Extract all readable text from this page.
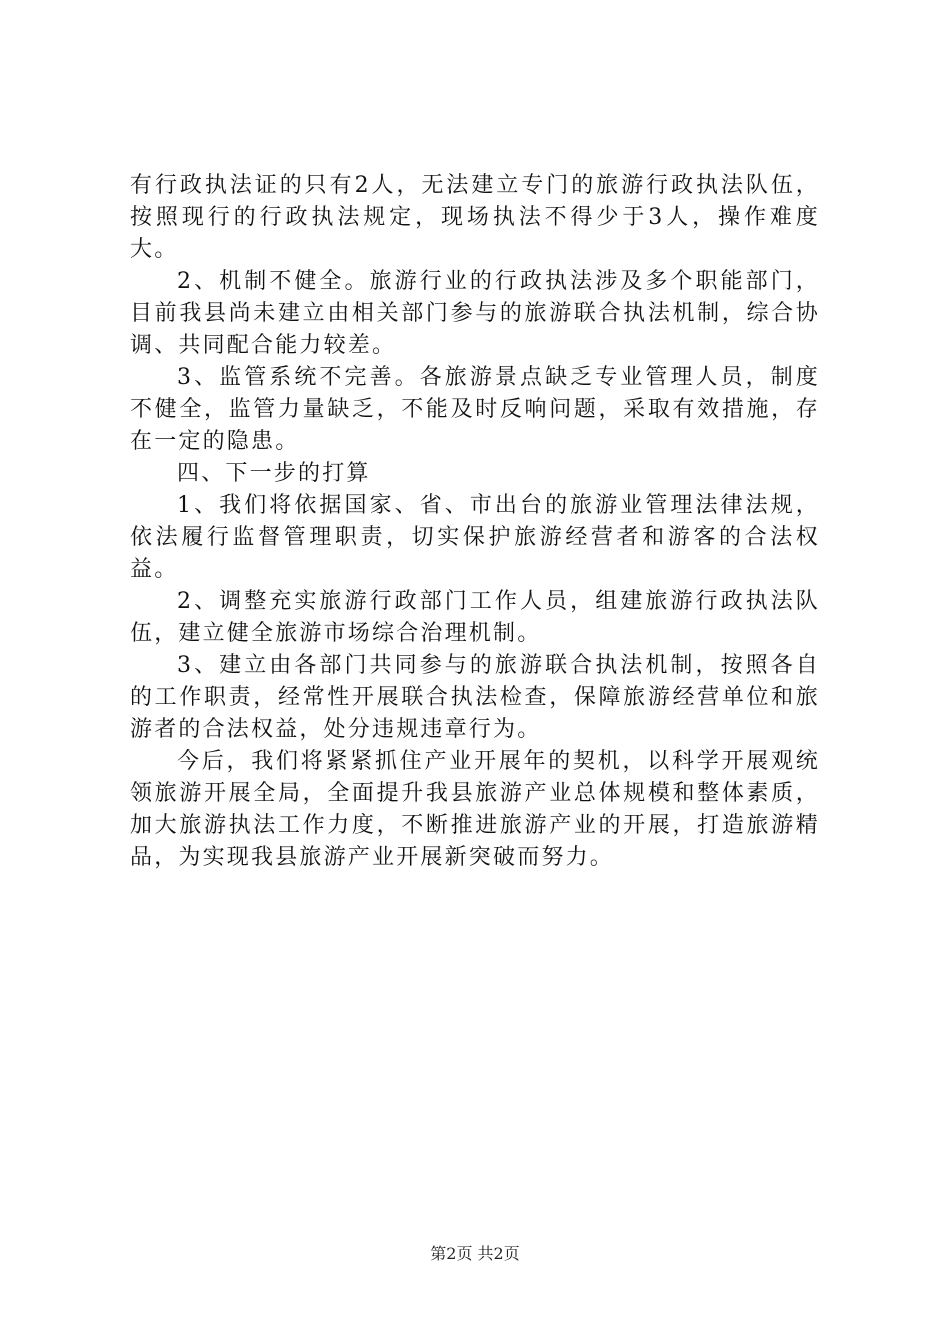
有行政执法证的只有2人，无法建立专门的旅游行政执法队伍，按照现行的行政执法规定，现场执法不得少于3人，操作难度大。

2、机制不健全。旅游行业的行政执法涉及多个职能部门，目前我县尚未建立由相关部门参与的旅游联合执法机制，综合协调、共同配合能力较差。

3、监管系统不完善。各旅游景点缺乏专业管理人员，制度不健全，监管力量缺乏，不能及时反响问题，采取有效措施，存在一定的隐患。

四、下一步的打算

1、我们将依据国家、省、市出台的旅游业管理法律法规，依法履行监督管理职责，切实保护旅游经营者和游客的合法权益。

2、调整充实旅游行政部门工作人员，组建旅游行政执法队伍，建立健全旅游市场综合治理机制。

3、建立由各部门共同参与的旅游联合执法机制，按照各自的工作职责，经常性开展联合执法检查，保障旅游经营单位和旅游者的合法权益，处分违规违章行为。

今后，我们将紧紧抓住产业开展年的契机，以科学开展观统领旅游开展全局，全面提升我县旅游产业总体规模和整体素质，加大旅游执法工作力度，不断推进旅游产业的开展，打造旅游精品，为实现我县旅游产业开展新突破而努力。

第2页 共2页
